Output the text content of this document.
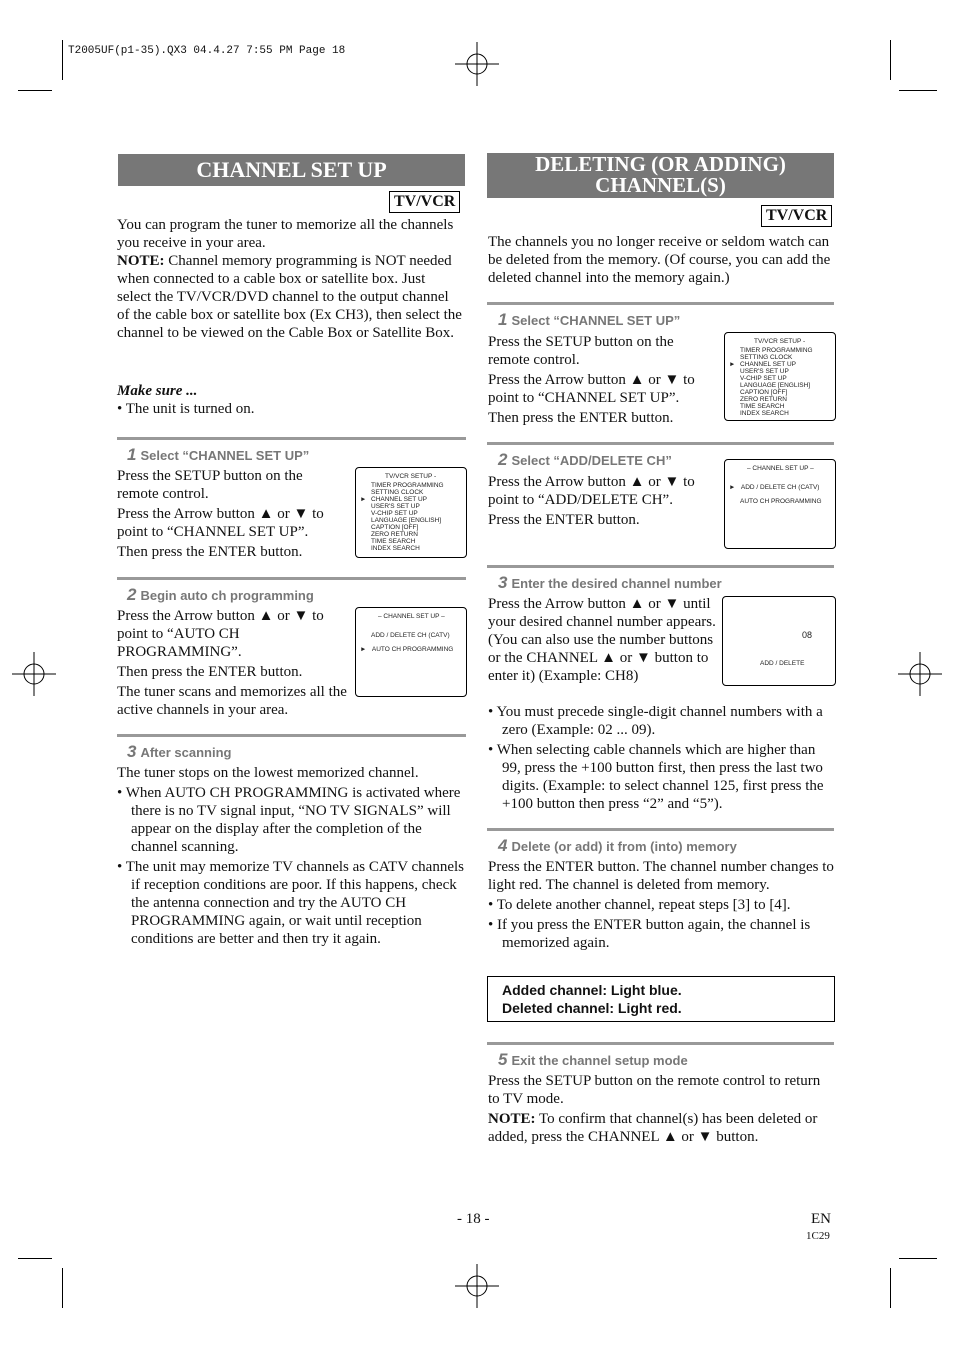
T2005UF(p1-35).QX3 04.4.27 7:55 PM Page 18
CHANNEL SET UP
TV/VCR

You can program the tuner to memorize all the channels you receive in your area.

NOTE: Channel memory programming is NOT needed when connected to a cable box or satellite box. Just select the TV/VCR/DVD channel to the output channel of the cable box or satellite box (Ex CH3), then select the channel to be viewed on the Cable Box or Satellite Box.

Make sure ...

• The unit is turned on.

1 Select “CHANNEL SET UP”

Press the SETUP button on the remote control.

Press the Arrow button ▲ or ▼ to point to “CHANNEL SET UP”.

Then press the ENTER button.

TV/VCR SETUP -
TIMER PROGRAMMING
SETTING CLOCK
► CHANNEL SET UP
USER'S SET UP
V-CHIP SET UP
LANGUAGE [ENGLISH]
CAPTION [OFF]
ZERO RETURN
TIME SEARCH
INDEX SEARCH
2 Begin auto ch programming

Press the Arrow button ▲ or ▼ to point to “AUTO CH PROGRAMMING”.

Then press the ENTER button.

The tuner scans and memorizes all the active channels in your area.

– CHANNEL SET UP –
ADD / DELETE CH (CATV)
► AUTO CH PROGRAMMING
3 After scanning

The tuner stops on the lowest memorized channel.

• When AUTO CH PROGRAMMING is activated where there is no TV signal input, “NO TV SIGNALS” will appear on the display after the completion of the channel scanning.

• The unit may memorize TV channels as CATV channels if reception conditions are poor. If this happens, check the antenna connection and try the AUTO CH PROGRAMMING again, or wait until reception conditions are better and then try it again.

DELETING (OR ADDING)
CHANNEL(S)
TV/VCR
The channels you no longer receive or seldom watch can be deleted from the memory. (Of course, you can add the deleted channel into the memory again.)
1 Select “CHANNEL SET UP”

Press the SETUP button on the remote control.

Press the Arrow button ▲ or ▼ to point to “CHANNEL SET UP”.

Then press the ENTER button.

TV/VCR SETUP -
TIMER PROGRAMMING
SETTING CLOCK
► CHANNEL SET UP
USER'S SET UP
V-CHIP SET UP
LANGUAGE [ENGLISH]
CAPTION [OFF]
ZERO RETURN
TIME SEARCH
INDEX SEARCH
2 Select “ADD/DELETE CH”

Press the Arrow button ▲ or ▼ to point to “ADD/DELETE CH”.

Press the ENTER button.

– CHANNEL SET UP –
► ADD / DELETE CH (CATV)
AUTO CH PROGRAMMING
3 Enter the desired channel number
Press the Arrow button ▲ or ▼ until your desired channel number appears. (You can also use the number buttons or the CHANNEL ▲ or ▼ button to enter it) (Example: CH8)
08
ADD / DELETE

• You must precede single-digit channel numbers with a zero (Example: 02 ... 09).

• When selecting cable channels which are higher than 99, press the +100 button first, then press the last two digits. (Example: to select channel 125, first press the +100 button then press “2” and “5”).

4 Delete (or add) it from (into) memory

Press the ENTER button. The channel number changes to light red. The channel is deleted from memory.

• To delete another channel, repeat steps [3] to [4].

• If you press the ENTER button again, the channel is memorized again.

Added channel: Light blue.
Deleted channel: Light red.
5 Exit the channel setup mode

Press the SETUP button on the remote control to return to TV mode.

NOTE: To confirm that channel(s) has been deleted or added, press the CHANNEL ▲ or ▼ button.

- 18 -	EN
1C29
